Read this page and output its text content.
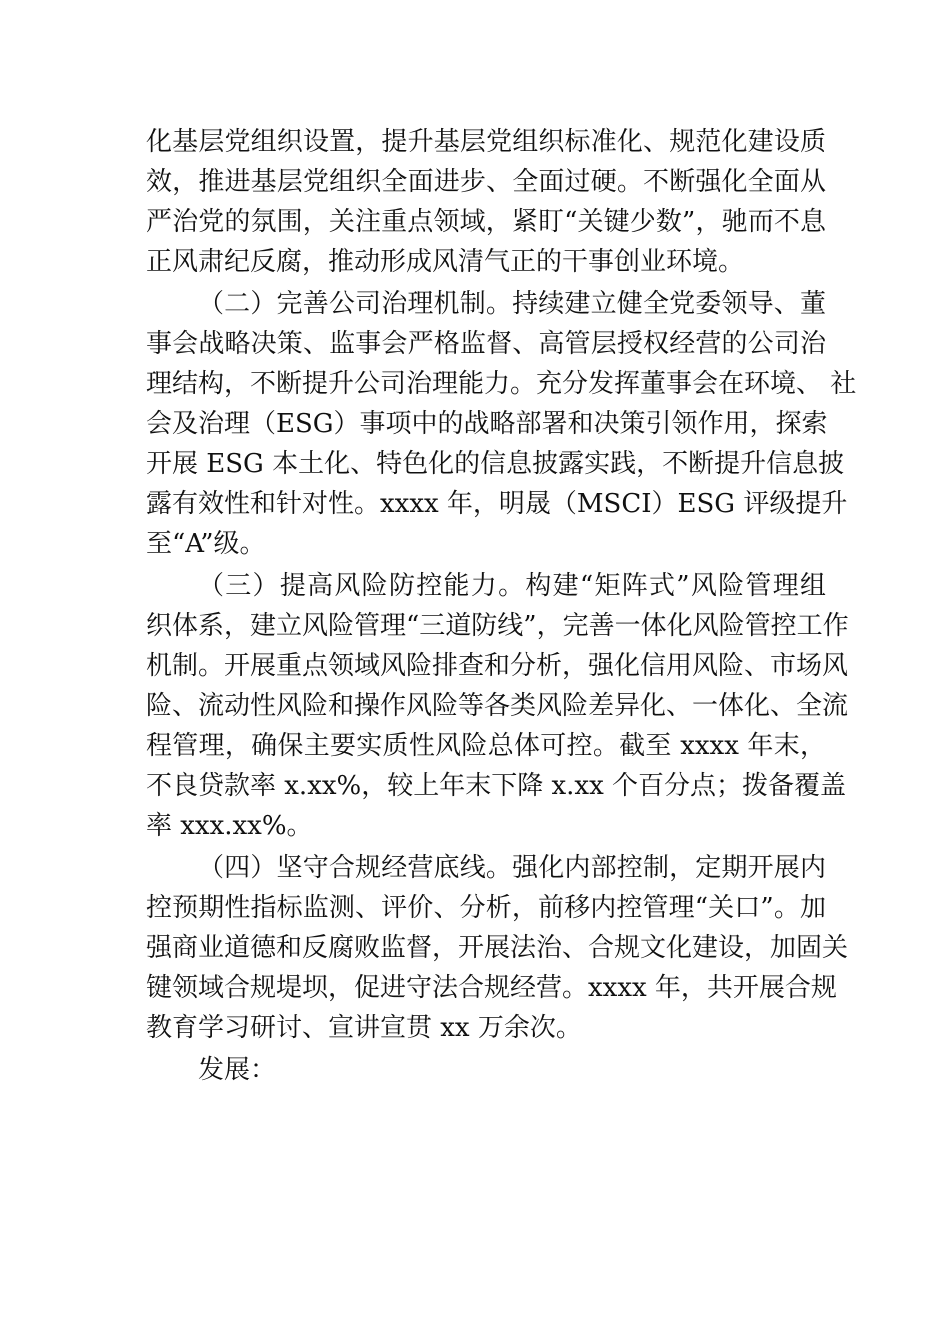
化基层党组织设置，提升基层党组织标准化、规范化建设质
效，推进基层党组织全面进步、全面过硬。不断强化全面从
严治党的氛围，关注重点领域，紧盯“关键少数”，驰而不息
正风肃纪反腐，推动形成风清气正的干事创业环境。
（二）完善公司治理机制。持续建立健全党委领导、董
事会战略决策、监事会严格监督、高管层授权经营的公司治
理结构，不断提升公司治理能力。充分发挥董事会在环境、 社
会及治理（ESG）事项中的战略部署和决策引领作用，探索
开展 ESG 本土化、特色化的信息披露实践，不断提升信息披
露有效性和针对性。xxxx 年，明晟（MSCI）ESG 评级提升
至“A”级。
（三）提高风险防控能力。构建“矩阵式”风险管理组
织体系，建立风险管理“三道防线”，完善一体化风险管控工作
机制。开展重点领域风险排查和分析，强化信用风险、市场风
险、流动性风险和操作风险等各类风险差异化、一体化、全流
程管理，确保主要实质性风险总体可控。截至 xxxx 年末，
不良贷款率 x.xx%，较上年末下降 x.xx 个百分点；拨备覆盖
率 xxx.xx%。
（四）坚守合规经营底线。强化内部控制，定期开展内
控预期性指标监测、评价、分析，前移内控管理“关口”。加
强商业道德和反腐败监督，开展法治、合规文化建设，加固关
键领域合规堤坝，促进守法合规经营。xxxx 年，共开展合规
教育学习研讨、宣讲宣贯 xx 万余次。
发展：
